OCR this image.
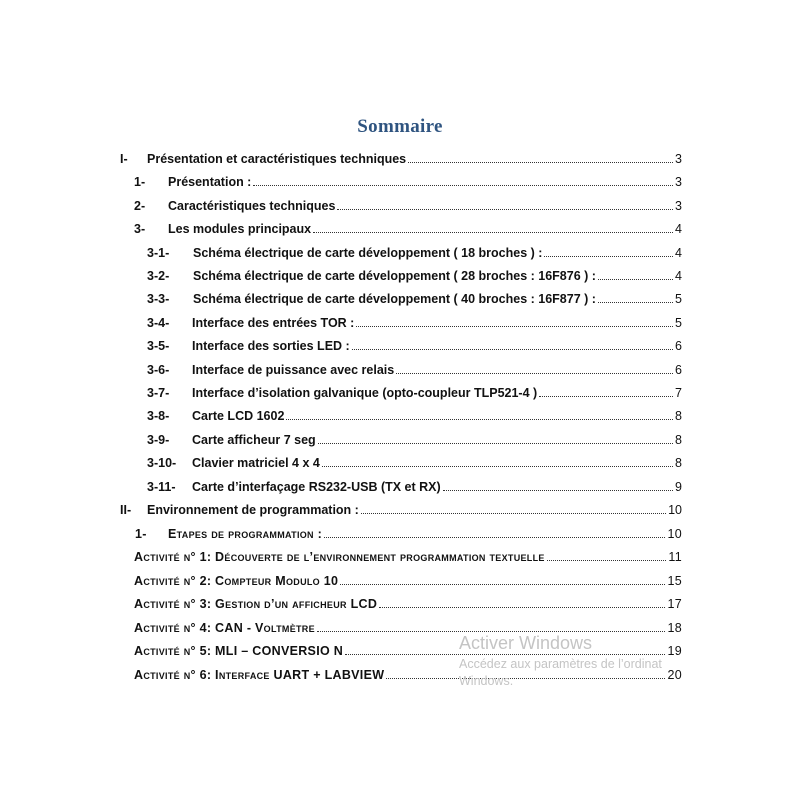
Sommaire
I-	Présentation et caractéristiques techniques	3
1-	Présentation :	3
2-	Caractéristiques techniques	3
3-	Les modules principaux	4
3-1-	Schéma électrique de carte développement ( 18 broches ) :	4
3-2-	Schéma électrique de carte développement ( 28 broches : 16F876 ) :	4
3-3-	Schéma électrique de carte développement ( 40 broches : 16F877 ) :	5
3-4-	Interface des entrées TOR :	5
3-5-	Interface des sorties LED :	6
3-6-	Interface de puissance avec relais	6
3-7-	Interface d’isolation galvanique (opto-coupleur TLP521-4 )	7
3-8-	Carte LCD 1602	8
3-9-	Carte afficheur 7 seg	8
3-10-	Clavier matriciel 4 x 4	8
3-11-	Carte d’interfaçage RS232-USB (TX et RX)	9
II-	Environnement de programmation :	10
1-	Etapes de programmation :	10
Activité n° 1: Découverte de l’environnement programmation textuelle	11
Activité n° 2: Compteur Modulo 10	15
Activité n° 3: Gestion d’un afficheur LCD	17
Activité n° 4: CAN - Voltmètre	18
Activité n° 5: MLI – CONVERSIO N	19
Activité n° 6: Interface UART + LABVIEW	20
Activer Windows
Accédez aux paramètres de l’ordinat
Windows.
